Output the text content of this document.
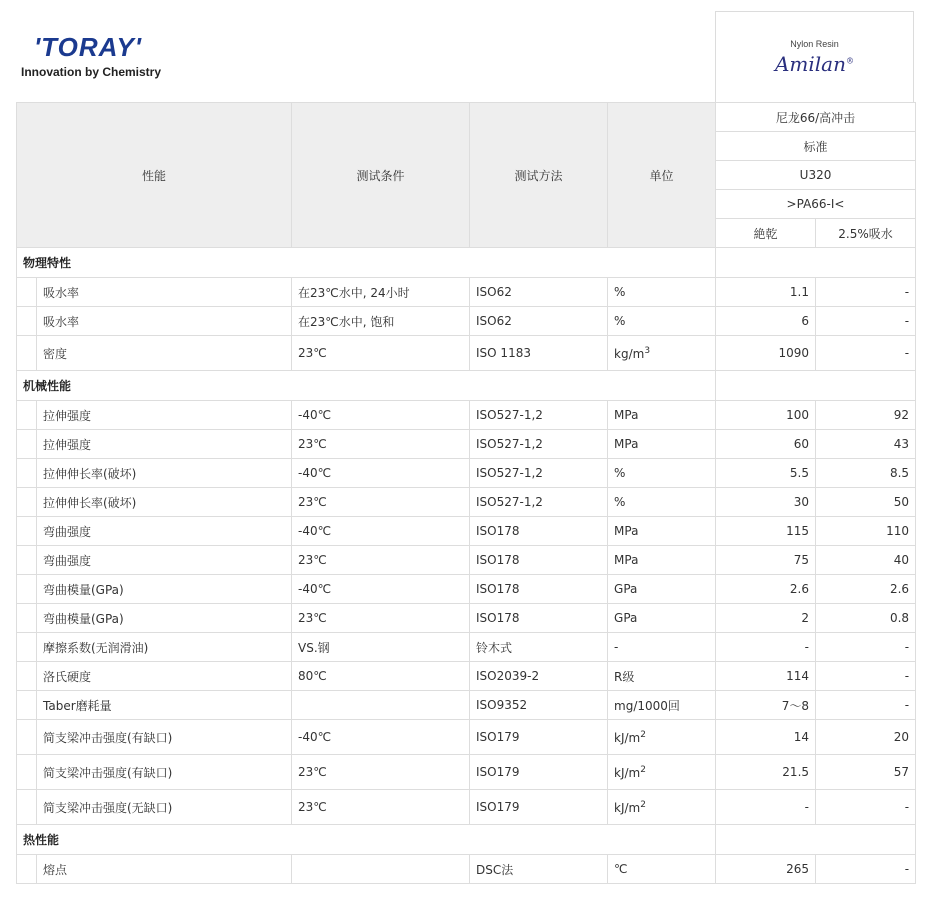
'TORAY'
Innovation by Chemistry
Nylon Resin
Amilan®
性能		测试条件	测试方法	单位	尼龙66/高冲击	
					标准	
					U320	
					>PA66-I<	
					絶乾	2.5%吸水
物理特性						
	吸水率	在23℃水中, 24小时	ISO62	%	1.1	-
	吸水率	在23℃水中, 饱和	ISO62	%	6	-
	密度	23℃	ISO 1183	$kg/m^3$	1090	-
机械性能						
	拉伸强度	-40℃	ISO527-1,2	MPa	100	92
	拉伸强度	23℃	ISO527-1,2	MPa	60	43
	拉伸伸长率(破坏)	-40℃	ISO527-1,2	%	5.5	8.5
	拉伸伸长率(破坏)	23℃	ISO527-1,2	%	30	50
	弯曲强度	-40℃	ISO178	MPa	115	110
	弯曲强度	23℃	ISO178	MPa	75	40
	弯曲模量(GPa)	-40℃	ISO178	GPa	2.6	2.6
	弯曲模量(GPa)	23℃	ISO178	GPa	2	0.8
	摩擦系数(无润滑油)	VS.钢	铃木式	-	-	-
	洛氏硬度	80℃	ISO2039-2	R级	114	-
	Taber磨耗量		ISO9352	mg/1000回	7～8	-
	简支梁冲击强度(有缺口)	-40℃	ISO179	$kJ/m^2$	14	20
	简支梁冲击强度(有缺口)	23℃	ISO179	$kJ/m^2$	21.5	57
	简支梁冲击强度(无缺口)	23℃	ISO179	$kJ/m^2$	-	-
热性能						
	熔点		DSC法	℃	265	-
